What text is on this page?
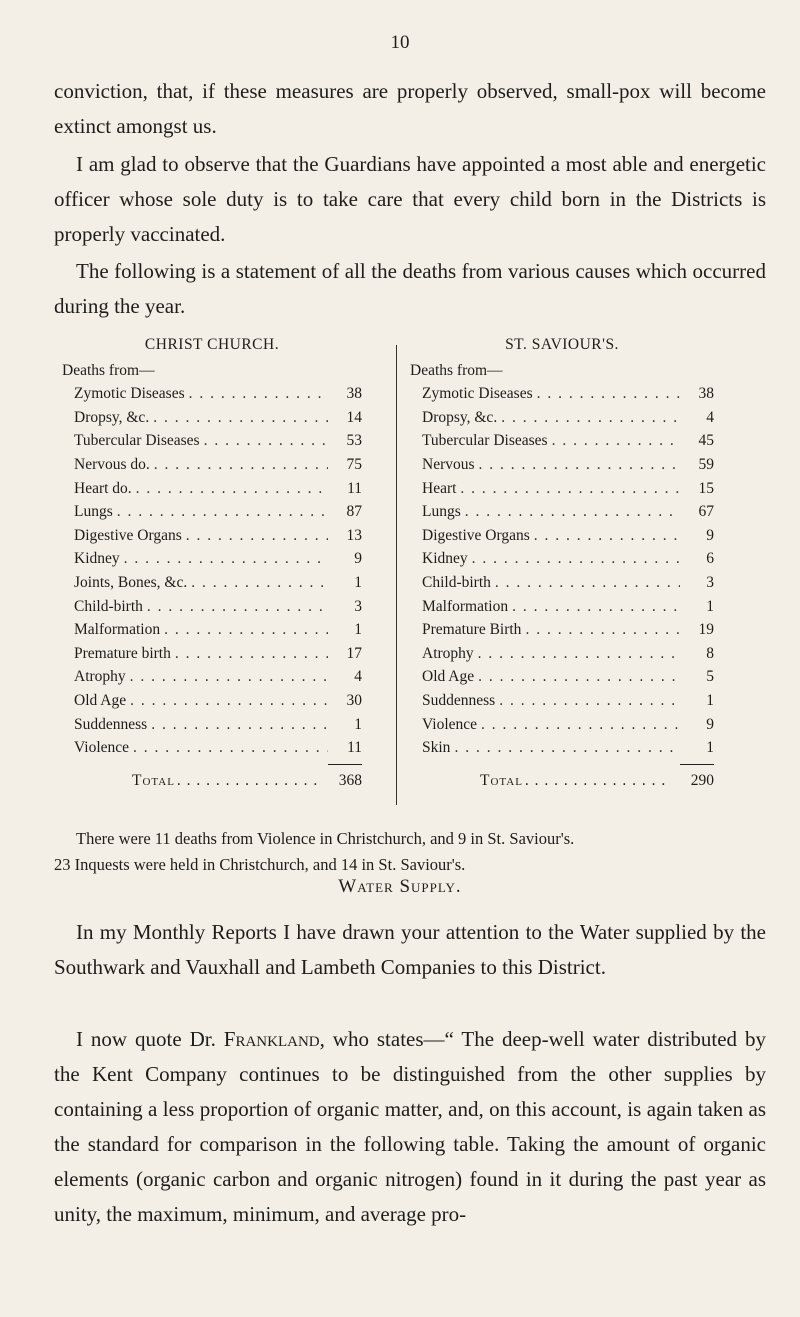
10

conviction, that, if these measures are properly observed, small-pox will become extinct amongst us.

I am glad to observe that the Guardians have appointed a most able and energetic officer whose sole duty is to take care that every child born in the Districts is properly vaccinated.

The following is a statement of all the deaths from various causes which occurred during the year.

CHRIST CHURCH.
Deaths from—
Zymotic Diseases . . .	38
Dropsy, &c. . . .	14
Tubercular Diseases . . .	53
Nervous do. . . .	75
Heart do. . . .	11
Lungs . . .	87
Digestive Organs . . .	13
Kidney . . .	9
Joints, Bones, &c. . . .	1
Child-birth . . .	3
Malformation . . .	1
Premature birth . . .	17
Atrophy . . .	4
Old Age . . .	30
Suddenness . . .	1
Violence . . .	11
Total . . .	368
ST. SAVIOUR'S.
Deaths from—
Zymotic Diseases . . .	38
Dropsy, &c. . . .	4
Tubercular Diseases . . .	45
Nervous . . .	59
Heart . . .	15
Lungs . . .	67
Digestive Organs . . .	9
Kidney . . .	6
Child-birth . . .	3
Malformation . . .	1
Premature Birth . . .	19
Atrophy . . .	8
Old Age . . .	5
Suddenness . . .	1
Violence . . .	9
Skin . . .	1
Total . . .	290

There were 11 deaths from Violence in Christchurch, and 9 in St. Saviour's.

23 Inquests were held in Christchurch, and 14 in St. Saviour's.

Water Supply.

In my Monthly Reports I have drawn your attention to the Water supplied by the Southwark and Vauxhall and Lambeth Companies to this District.

I now quote Dr. Frankland, who states—“ The deep-well water distributed by the Kent Company continues to be distinguished from the other supplies by containing a less proportion of organic matter, and, on this account, is again taken as the standard for comparison in the following table. Taking the amount of organic elements (organic carbon and organic nitrogen) found in it during the past year as unity, the maximum, minimum, and average pro-
